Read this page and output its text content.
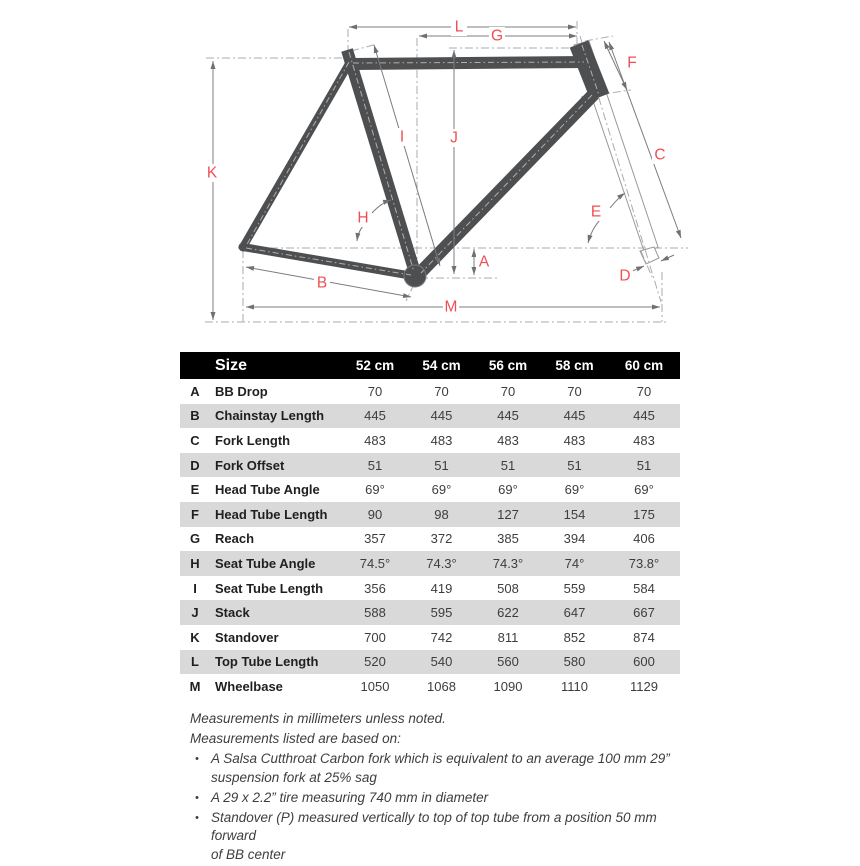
L
G
F
I	J
K
C
H	E
A
B	D
M
Size	52 cm	54 cm	56 cm	58 cm	60 cm
A	BB Drop	70	70	70	70	70
B	Chainstay Length	445	445	445	445	445
C	Fork Length	483	483	483	483	483
D	Fork Offset	51	51	51	51	51
E	Head Tube Angle	69°	69°	69°	69°	69°
F	Head Tube Length	90	98	127	154	175
G	Reach	357	372	385	394	406
H	Seat Tube Angle	74.5°	74.3°	74.3°	74°	73.8°
I	Seat Tube Length	356	419	508	559	584
J	Stack	588	595	622	647	667
K	Standover	700	742	811	852	874
L	Top Tube Length	520	540	560	580	600
M	Wheelbase	1050	1068	1090	1110	1129
Measurements in millimeters unless noted.
Measurements listed are based on:
• A Salsa Cutthroat Carbon fork which is equivalent to an average 100 mm 29”
suspension fork at 25% sag
• A 29 x 2.2” tire measuring 740 mm in diameter
• Standover (P) measured vertically to top of top tube from a position 50 mm forward
of BB center
